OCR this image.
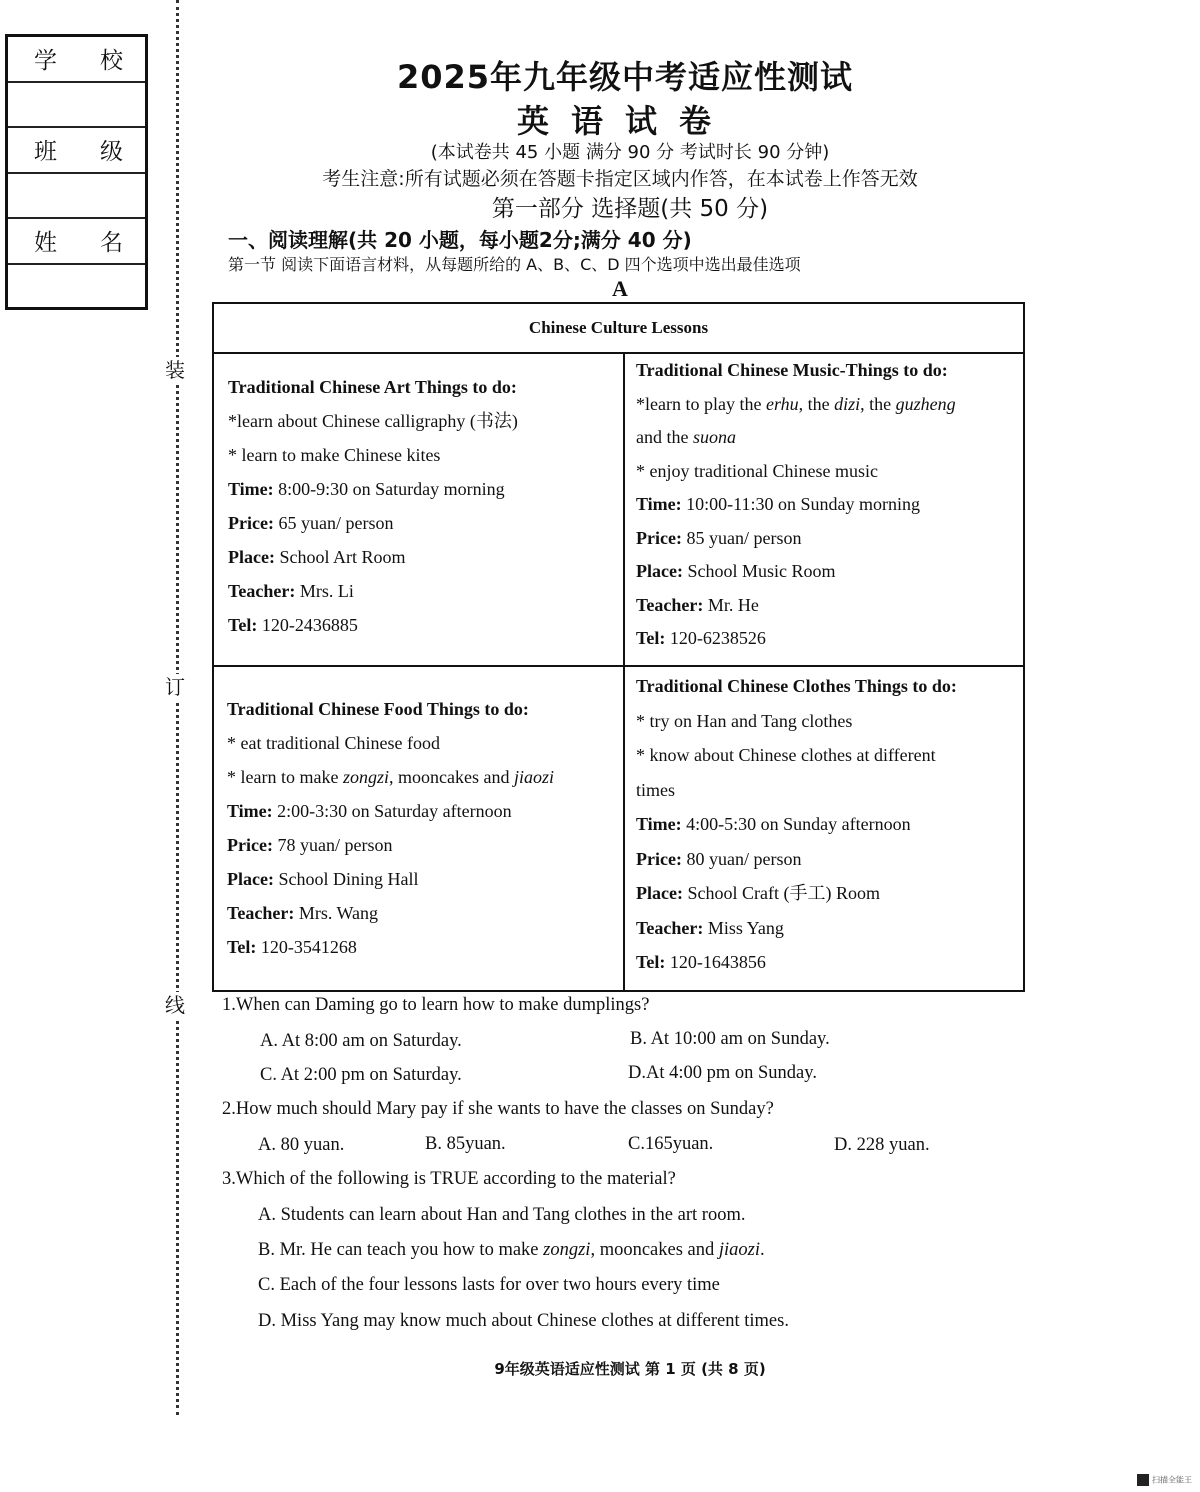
学 校
班 级
姓 名
装
订
线
2025年九年级中考适应性测试
英语试卷
(本试卷共 45 小题 满分 90 分 考试时长 90 分钟)
考生注意:所有试题必须在答题卡指定区域内作答，在本试卷上作答无效
第一部分 选择题(共 50 分)
一、阅读理解(共 20 小题，每小题2分;满分 40 分)
第一节 阅读下面语言材料，从每题所给的 A、B、C、D 四个选项中选出最佳选项
A
Chinese Culture Lessons
Traditional Chinese Art Things to do:
*learn about Chinese calligraphy (书法)
* learn to make Chinese kites
Time: 8:00-9:30 on Saturday morning
Price: 65 yuan/ person
Place: School Art Room
Teacher: Mrs. Li
Tel: 120-2436885
Traditional Chinese Music-Things to do:
*learn to play the erhu, the dizi, the guzheng
and the suona
* enjoy traditional Chinese music
Time: 10:00-11:30 on Sunday morning
Price: 85 yuan/ person
Place: School Music Room
Teacher: Mr. He
Tel: 120-6238526
Traditional Chinese Food Things to do:
* eat traditional Chinese food
* learn to make zongzi, mooncakes and jiaozi
Time: 2:00-3:30 on Saturday afternoon
Price: 78 yuan/ person
Place: School Dining Hall
Teacher: Mrs. Wang
Tel: 120-3541268
Traditional Chinese Clothes Things to do:
* try on Han and Tang clothes
* know about Chinese clothes at different
times
Time: 4:00-5:30 on Sunday afternoon
Price: 80 yuan/ person
Place: School Craft (手工) Room
Teacher: Miss Yang
Tel: 120-1643856
1.When can Daming go to learn how to make dumplings?
A. At 8:00 am on Saturday.	B. At 10:00 am on Sunday.
C. At 2:00 pm on Saturday.	D.At 4:00 pm on Sunday.
2.How much should Mary pay if she wants to have the classes on Sunday?
A. 80 yuan.	B. 85yuan.	C.165yuan.	D. 228 yuan.
3.Which of the following is TRUE according to the material?
A. Students can learn about Han and Tang clothes in the art room.
B. Mr. He can teach you how to make zongzi, mooncakes and jiaozi.
C. Each of the four lessons lasts for over two hours every time
D. Miss Yang may know much about Chinese clothes at different times.
9年级英语适应性测试 第 1 页 (共 8 页)
扫描全能王
